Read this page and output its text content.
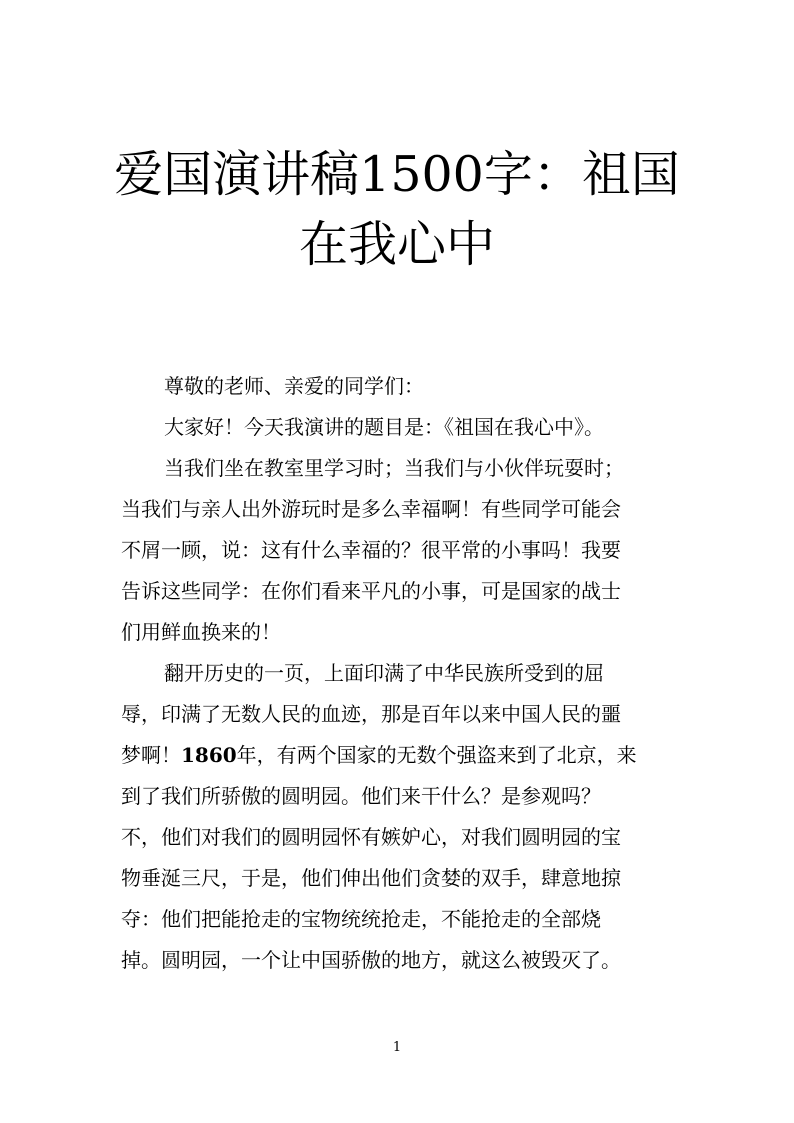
爱国演讲稿1500字：祖国
在我心中
尊敬的老师、亲爱的同学们：
大家好！今天我演讲的题目是：《祖国在我心中》。
当我们坐在教室里学习时；当我们与小伙伴玩耍时；
当我们与亲人出外游玩时是多么幸福啊！有些同学可能会
不屑一顾，说：这有什么幸福的？很平常的小事吗！我要
告诉这些同学：在你们看来平凡的小事，可是国家的战士
们用鲜血换来的！
翻开历史的一页，上面印满了中华民族所受到的屈
辱，印满了无数人民的血迹，那是百年以来中国人民的噩
梦啊！1860年，有两个国家的无数个强盗来到了北京，来
到了我们所骄傲的圆明园。他们来干什么？是参观吗？
不，他们对我们的圆明园怀有嫉妒心，对我们圆明园的宝
物垂涎三尺，于是，他们伸出他们贪婪的双手，肆意地掠
夺：他们把能抢走的宝物统统抢走，不能抢走的全部烧
掉。圆明园，一个让中国骄傲的地方，就这么被毁灭了。
1
